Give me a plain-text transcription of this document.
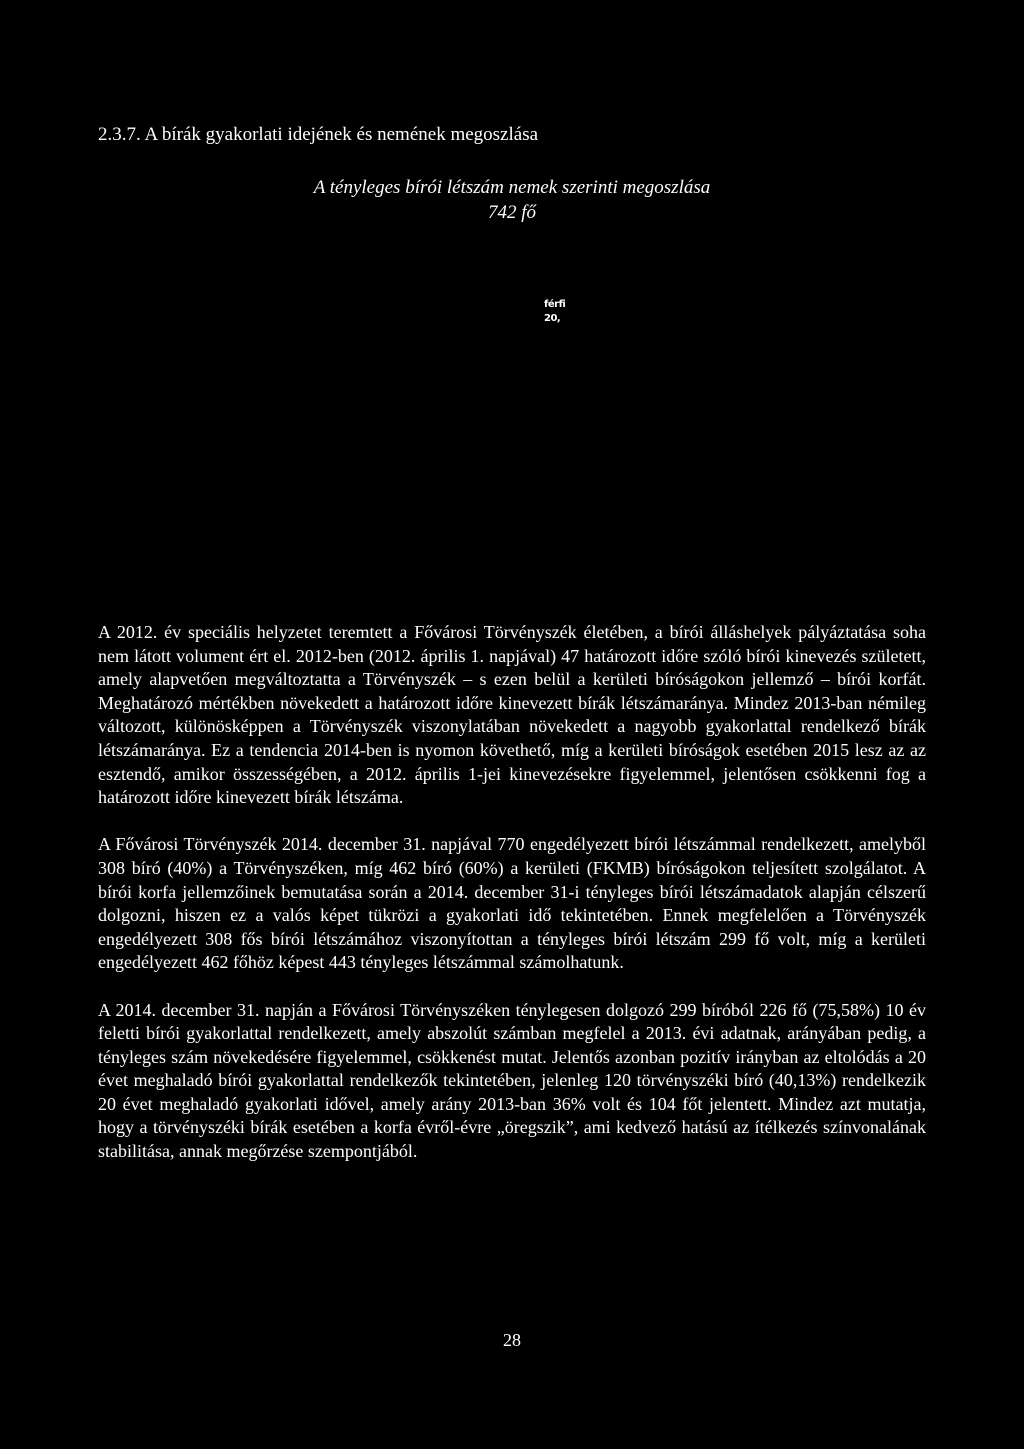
2.3.7. A bírák gyakorlati idejének és nemének megoszlása
A tényleges bírói létszám nemek szerinti megoszlása
742 fő
férfi
20,

A 2012. év speciális helyzetet teremtett a Fővárosi Törvényszék életében, a bírói álláshelyek pályáztatása soha nem látott volument ért el. 2012-ben (2012. április 1. napjával) 47 határozott időre szóló bírói kinevezés született, amely alapvetően megváltoztatta a Törvényszék – s ezen belül a kerületi bíróságokon jellemző – bírói korfát. Meghatározó mértékben növekedett a határozott időre kinevezett bírák létszámaránya. Mindez 2013-ban némileg változott, különösképpen a Törvényszék viszonylatában növekedett a nagyobb gyakorlattal rendelkező bírák létszámaránya. Ez a tendencia 2014-ben is nyomon követhető, míg a kerületi bíróságok esetében 2015 lesz az az esztendő, amikor összességében, a 2012. április 1-jei kinevezésekre figyelemmel, jelentősen csökkenni fog a határozott időre kinevezett bírák létszáma.

A Fővárosi Törvényszék 2014. december 31. napjával 770 engedélyezett bírói létszámmal rendelkezett, amelyből 308 bíró (40%) a Törvényszéken, míg 462 bíró (60%) a kerületi (FKMB) bíróságokon teljesített szolgálatot. A bírói korfa jellemzőinek bemutatása során a 2014. december 31-i tényleges bírói létszámadatok alapján célszerű dolgozni, hiszen ez a valós képet tükrözi a gyakorlati idő tekintetében. Ennek megfelelően a Törvényszék engedélyezett 308 fős bírói létszámához viszonyítottan a tényleges bírói létszám 299 fő volt, míg a kerületi engedélyezett 462 főhöz képest 443 tényleges létszámmal számolhatunk.

A 2014. december 31. napján a Fővárosi Törvényszéken ténylegesen dolgozó 299 bíróból 226 fő (75,58%) 10 év feletti bírói gyakorlattal rendelkezett, amely abszolút számban megfelel a 2013. évi adatnak, arányában pedig, a tényleges szám növekedésére figyelemmel, csökkenést mutat. Jelentős azonban pozitív irányban az eltolódás a 20 évet meghaladó bírói gyakorlattal rendelkezők tekintetében, jelenleg 120 törvényszéki bíró (40,13%) rendelkezik 20 évet meghaladó gyakorlati idővel, amely arány 2013-ban 36% volt és 104 főt jelentett. Mindez azt mutatja, hogy a törvényszéki bírák esetében a korfa évről-évre „öregszik”, ami kedvező hatású az ítélkezés színvonalának stabilitása, annak megőrzése szempontjából.

28
